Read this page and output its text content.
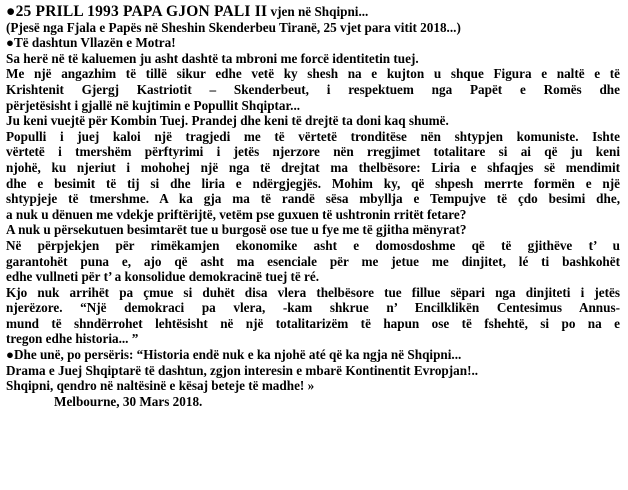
●25 PRILL 1993 PAPA GJON PALI II vjen në Shqipni...
(Pjesë nga Fjala e Papës në Sheshin Skenderbeu Tiranë, 25 vjet para vitit 2018...)
●Të dashtun Vllazën e Motra!
Sa herë në të kaluemen ju asht dashtë ta mbroni me forcë identitetin tuej.
Me një angazhim të tillë sikur edhe vetë ky shesh na e kujton u shque Figura e naltë e të
Krishtenit Gjergj Kastriotit – Skenderbeut, i respektuem nga Papët e Romës dhe
përjetësisht i gjallë në kujtimin e Popullit Shqiptar...
Ju keni vuejtë për Kombin Tuej. Prandej dhe keni të drejtë ta doni kaq shumë.
Populli i juej kaloi një tragjedi me të vërtetë tronditëse nën shtypjen komuniste. Ishte
vërtetë i tmershëm përftyrimi i jetës njerzore nën rregjimet totalitare si ai që ju keni
njohë, ku njeriut i mohohej një nga të drejtat ma thelbësore: Liria e shfaqjes së mendimit
dhe e besimit të tij si dhe liria e ndërgjegjës. Mohim ky, që shpesh merrte formën e një
shtypjeje të tmershme. A ka gja ma të randë sësa mbyllja e Tempujve të çdo besimi dhe,
a nuk u dënuen me vdekje priftërijtë, vetëm pse guxuen të ushtronin rritët fetare?
A nuk u përsekutuen besimtarët tue u burgosë ose tue u fye me të gjitha mënyrat?
Në përpjekjen për rimëkamjen ekonomike asht e domosdoshme që të gjithëve t’ u
garantohët puna e, ajo që asht ma esenciale për me jetue me dinjitet, lé ti bashkohët
edhe vullneti për t’ a konsolidue demokracinë tuej të ré.
Kjo nuk arrihët pa çmue si duhët disa vlera thelbësore tue fillue sëpari nga dinjiteti i jetës
njerëzore. “Një demokraci pa vlera, -kam shkrue n’ Encilklikën Centesimus Annus-
mund të shndërrohet lehtësisht në një totalitarizëm të hapun ose të fshehtë, si po na e
tregon edhe historia... ”
●Dhe unë, po persëris: “Historia endë nuk e ka njohë até që ka ngja në Shqipni...
Drama e Juej Shqiptarë të dashtun, zgjon interesin e mbarë Kontinentit Evropjan!..
Shqipni, qendro në naltësinë e kësaj beteje të madhe! »
Melbourne, 30 Mars 2018.
